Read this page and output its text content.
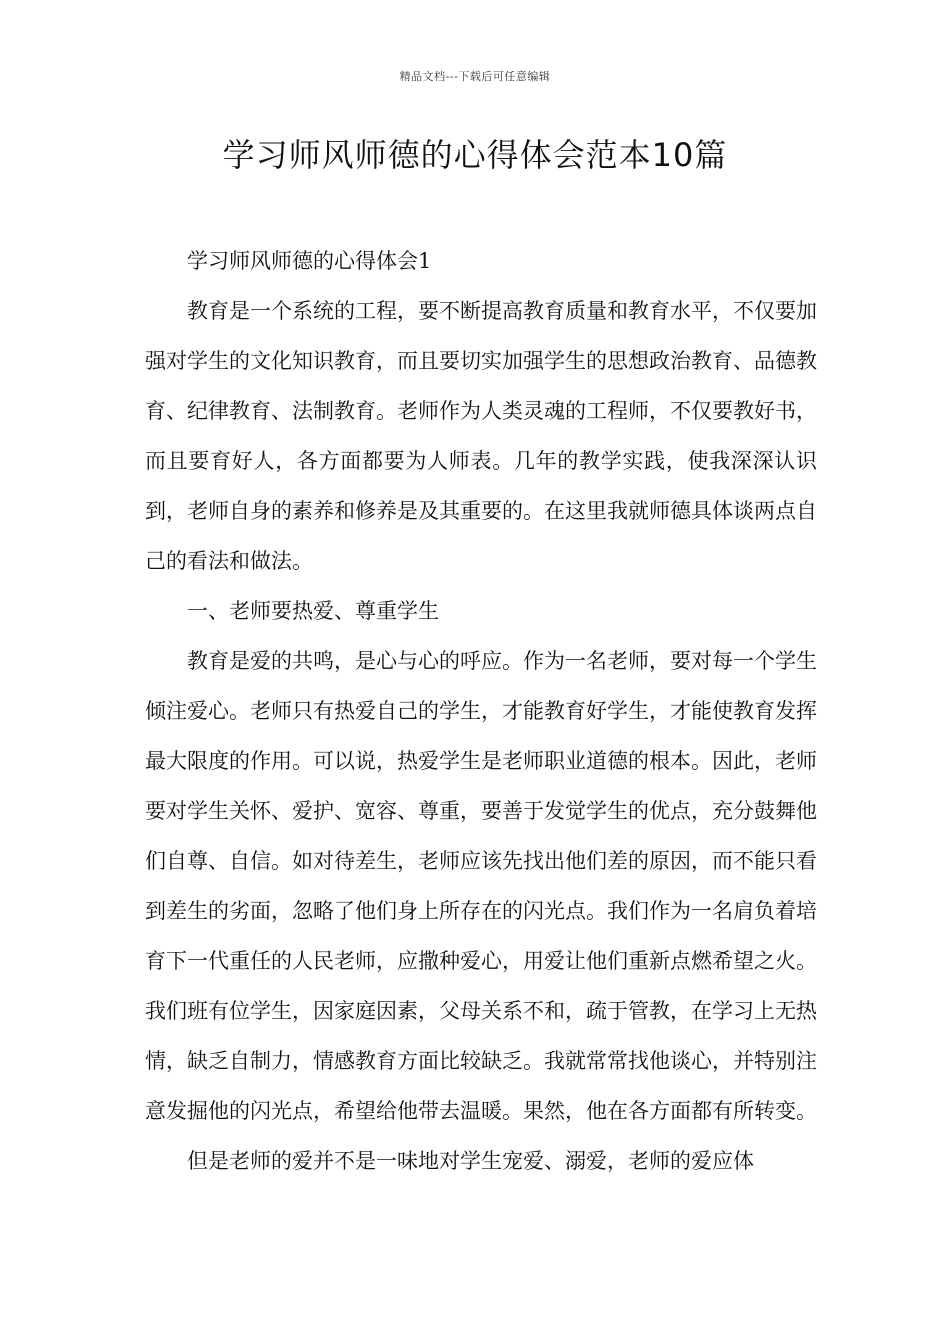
精品文档---下载后可任意编辑
学习师风师德的心得体会范本10篇

学习师风师德的心得体会1

教育是一个系统的工程，要不断提高教育质量和教育水平，不仅要加强对学生的文化知识教育，而且要切实加强学生的思想政治教育、品德教育、纪律教育、法制教育。老师作为人类灵魂的工程师，不仅要教好书，而且要育好人，各方面都要为人师表。几年的教学实践，使我深深认识到，老师自身的素养和修养是及其重要的。在这里我就师德具体谈两点自己的看法和做法。

一、老师要热爱、尊重学生

教育是爱的共鸣，是心与心的呼应。作为一名老师，要对每一个学生倾注爱心。老师只有热爱自己的学生，才能教育好学生，才能使教育发挥最大限度的作用。可以说，热爱学生是老师职业道德的根本。因此，老师要对学生关怀、爱护、宽容、尊重，要善于发觉学生的优点，充分鼓舞他们自尊、自信。如对待差生，老师应该先找出他们差的原因，而不能只看到差生的劣面，忽略了他们身上所存在的闪光点。我们作为一名肩负着培育下一代重任的人民老师，应撒种爱心，用爱让他们重新点燃希望之火。我们班有位学生，因家庭因素，父母关系不和，疏于管教，在学习上无热情，缺乏自制力，情感教育方面比较缺乏。我就常常找他谈心，并特别注意发掘他的闪光点，希望给他带去温暖。果然，他在各方面都有所转变。

但是老师的爱并不是一味地对学生宠爱、溺爱，老师的爱应体
